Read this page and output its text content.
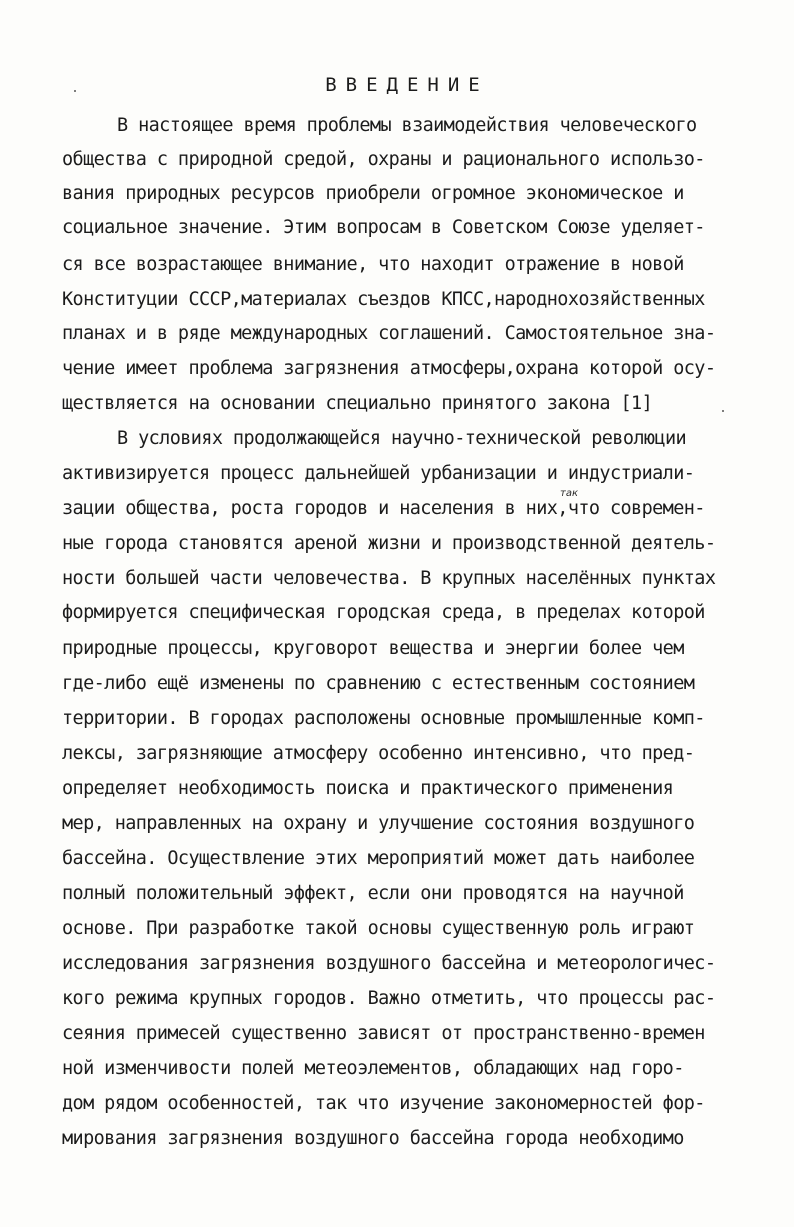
ВВЕДЕНИЕ
так
В настоящее время проблемы взаимодействия человеческого
общества с природной средой, охраны и рационального использо-
вания природных ресурсов приобрели огромное экономическое и
социальное значение. Этим вопросам в Советском Союзе уделяет-
ся все возрастающее внимание, что находит отражение в новой
Конституции СССР,материалах съездов КПСС,народнохозяйственных
планах и в ряде международных соглашений. Самостоятельное зна-
чение имеет проблема загрязнения атмосферы,охрана которой осу-
ществляется на основании специально принятого закона [1]
В условиях продолжающейся научно-технической революции
активизируется процесс дальнейшей урбанизации и индустриали-
зации общества, роста городов и населения в них,что современ-
ные города становятся ареной жизни и производственной деятель-
ности большей части человечества. В крупных населённых пунктах
формируется специфическая городская среда, в пределах которой
природные процессы, круговорот вещества и энергии более чем
где-либо ещё изменены по сравнению с естественным состоянием
территории. В городах расположены основные промышленные комп-
лексы, загрязняющие атмосферу особенно интенсивно, что пред-
определяет необходимость поиска и практического применения
мер, направленных на охрану и улучшение состояния воздушного
бассейна. Осуществление этих мероприятий может дать наиболее
полный положительный эффект, если они проводятся на научной
основе. При разработке такой основы существенную роль играют
исследования загрязнения воздушного бассейна и метеорологичес-
кого режима крупных городов. Важно отметить, что процессы рас-
сеяния примесей существенно зависят от пространственно-времен
ной изменчивости полей метеоэлементов, обладающих над горо-
дом рядом особенностей, так что изучение закономерностей фор-
мирования загрязнения воздушного бассейна города необходимо
